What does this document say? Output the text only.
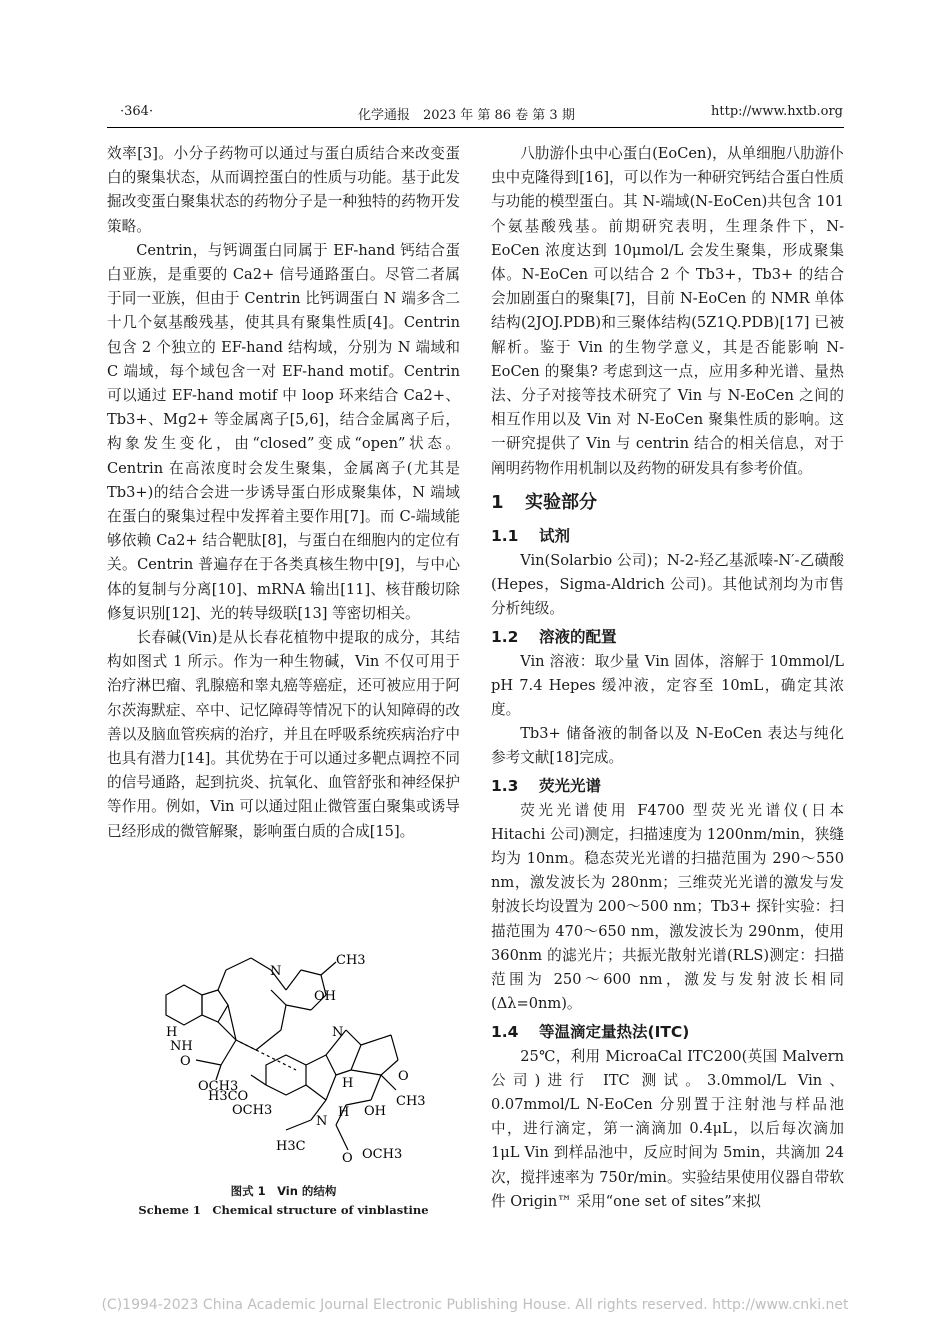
·364·	化学通报　2023 年 第 86 卷 第 3 期	http://www.hxtb.org

效率[3]。小分子药物可以通过与蛋白质结合来改变蛋白的聚集状态，从而调控蛋白的性质与功能。基于此发掘改变蛋白聚集状态的药物分子是一种独特的药物开发策略。

Centrin，与钙调蛋白同属于 EF-hand 钙结合蛋白亚族，是重要的 Ca2+ 信号通路蛋白。尽管二者属于同一亚族，但由于 Centrin 比钙调蛋白 N 端多含二十几个氨基酸残基，使其具有聚集性质[4]。Centrin 包含 2 个独立的 EF-hand 结构域，分别为 N 端域和 C 端域，每个域包含一对 EF-hand motif。Centrin 可以通过 EF-hand motif 中 loop 环来结合 Ca2+、Tb3+、Mg2+ 等金属离子[5,6]，结合金属离子后，构象发生变化，由“closed”变成“open”状态。Centrin 在高浓度时会发生聚集，金属离子(尤其是 Tb3+)的结合会进一步诱导蛋白形成聚集体，N 端域在蛋白的聚集过程中发挥着主要作用[7]。而 C-端域能够依赖 Ca2+ 结合靶肽[8]，与蛋白在细胞内的定位有关。Centrin 普遍存在于各类真核生物中[9]，与中心体的复制与分离[10]、mRNA 输出[11]、核苷酸切除修复识别[12]、光的转导级联[13] 等密切相关。

长春碱(Vin)是从长春花植物中提取的成分，其结构如图式 1 所示。作为一种生物碱，Vin 不仅可用于治疗淋巴瘤、乳腺癌和睾丸癌等癌症，还可被应用于阿尔茨海默症、卒中、记忆障碍等情况下的认知障碍的改善以及脑血管疾病的治疗，并且在呼吸系统疾病治疗中也具有潜力[14]。其优势在于可以通过多靶点调控不同的信号通路，起到抗炎、抗氧化、血管舒张和神经保护等作用。例如，Vin 可以通过阻止微管蛋白聚集或诱导已经形成的微管解聚，影响蛋白质的合成[15]。

N
CH3
OH
NH
H
O
OCH3
H3CO
OCH3
N
O
CH3
H
N
H OH
H3C
O OCH3
图式 1　Vin 的结构
Scheme 1　Chemical structure of vinblastine

八肋游仆虫中心蛋白(EoCen)，从单细胞八肋游仆虫中克隆得到[16]，可以作为一种研究钙结合蛋白性质与功能的模型蛋白。其 N-端域(N-EoCen)共包含 101 个氨基酸残基。前期研究表明，生理条件下，N-EoCen 浓度达到 10μmol/L 会发生聚集，形成聚集体。N-EoCen 可以结合 2 个 Tb3+，Tb3+ 的结合会加剧蛋白的聚集[7]，目前 N-EoCen 的 NMR 单体结构(2JOJ.PDB)和三聚体结构(5Z1Q.PDB)[17] 已被解析。鉴于 Vin 的生物学意义，其是否能影响 N-EoCen 的聚集? 考虑到这一点，应用多种光谱、量热法、分子对接等技术研究了 Vin 与 N-EoCen 之间的相互作用以及 Vin 对 N-EoCen 聚集性质的影响。这一研究提供了 Vin 与 centrin 结合的相关信息，对于阐明药物作用机制以及药物的研发具有参考价值。

1 实验部分
1.1 试剂

Vin(Solarbio 公司)；N-2-羟乙基派嗪-N′-乙磺酸(Hepes，Sigma-Aldrich 公司)。其他试剂均为市售分析纯级。

1.2 溶液的配置

Vin 溶液：取少量 Vin 固体，溶解于 10mmol/L pH 7.4 Hepes 缓冲液，定容至 10mL，确定其浓度。

Tb3+ 储备液的制备以及 N-EoCen 表达与纯化参考文献[18]完成。

1.3 荧光光谱

荧光光谱使用 F4700 型荧光光谱仪(日本 Hitachi 公司)测定，扫描速度为 1200nm/min，狭缝均为 10nm。稳态荧光光谱的扫描范围为 290～550 nm，激发波长为 280nm；三维荧光光谱的激发与发射波长均设置为 200～500 nm；Tb3+ 探针实验：扫描范围为 470～650 nm，激发波长为 290nm，使用 360nm 的滤光片；共振光散射光谱(RLS)测定：扫描范围为 250～600 nm，激发与发射波长相同(Δλ=0nm)。

1.4 等温滴定量热法(ITC)

25℃，利用 MicroaCal ITC200(英国 Malvern 公司)进行 ITC 测试。3.0mmol/L Vin、0.07mmol/L N-EoCen 分别置于注射池与样品池中，进行滴定，第一滴滴加 0.4μL，以后每次滴加 1μL Vin 到样品池中，反应时间为 5min，共滴加 24 次，搅拌速率为 750r/min。实验结果使用仪器自带软件 Origin™ 采用“one set of sites”来拟

(C)1994-2023 China Academic Journal Electronic Publishing House. All rights reserved. http://www.cnki.net
